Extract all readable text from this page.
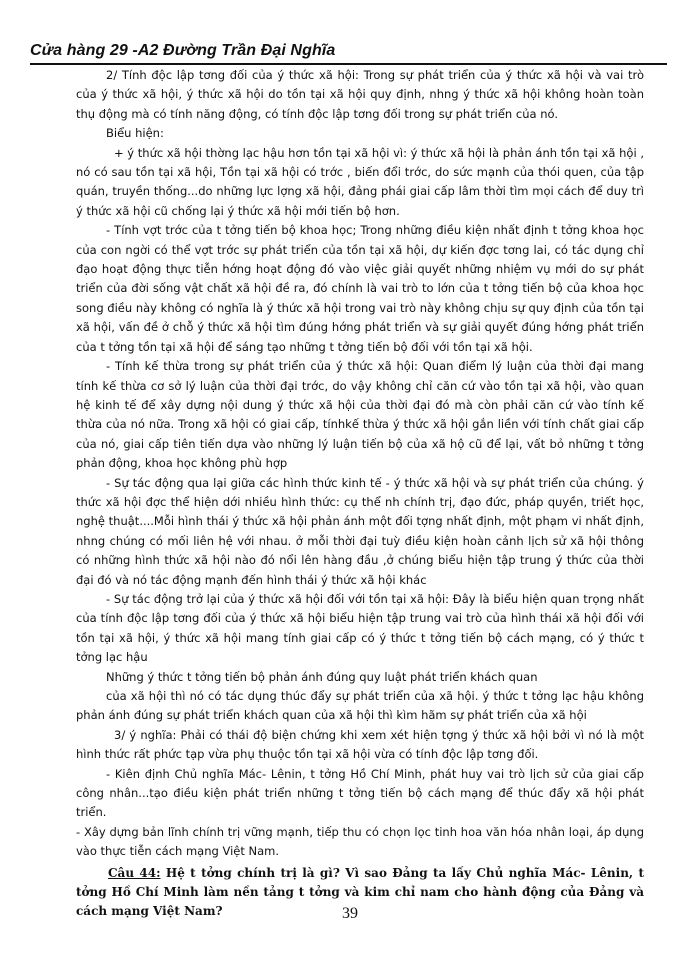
Cửa hàng 29 -A2 Đường Trần Đại Nghĩa

2/ Tính độc lập tơng đối của ý thức xã hội: Trong sự phát triển của ý thức xã hội và vai trò của ý thức xã hội, ý thức xã hội do tồn tại xã hội quy định, nhng ý thức xã hội không hoàn toàn thụ động mà có tính năng động, có tính độc lập tơng đối trong sự phát triển của nó.

Biểu hiện:

+ ý thức xã hội thờng lạc hậu hơn tồn tại xã hội vì: ý thức xã hội là phản ánh tồn tại xã hội , nó có sau tồn tại xã hội, Tồn tại xã hội có trớc , biến đổi trớc, do sức mạnh của thói quen, của tập quán, truyền thống...do những lực lợng xã hội, đảng phái giai cấp lâm thời tìm mọi cách để duy trì ý thức xã hội cũ chống lại ý thức xã hội mới tiến bộ hơn.

- Tính vợt trớc của t tởng tiến bộ khoa học; Trong những điều kiện nhất định t tởng khoa học của con ngời có thể vợt trớc sự phát triển của tồn tại xã hội, dự kiến đợc tơng lai, có tác dụng chỉ đạo hoạt động thực tiễn hớng hoạt động đó vào việc giải quyết những nhiệm vụ mới do sự phát triển của đời sống vật chất xã hội đề ra, đó chính là vai trò to lớn của t tởng tiến bộ của khoa học song điều này không có nghĩa là ý thức xã hội trong vai trò này không chịu sự quy định của tồn tại xã hội, vấn đề ở chỗ ý thức xã hội tìm đúng hớng phát triển và sự giải quyết đúng hớng phát triển của t tởng tồn tại xã hội để sáng tạo những t tởng tiến bộ đối với tồn tại xã hội.

- Tính kế thừa trong sự phát triển của ý thức xã hội: Quan điểm lý luận của thời đại mang tính kế thừa cơ sở lý luận của thời đại trớc, do vậy không chỉ căn cứ vào tồn tại xã hội, vào quan hệ kinh tế để xây dựng nội dung ý thức xã hội của thời đại đó mà còn phải căn cứ vào tính kế thừa của nó nữa. Trong xã hội có giai cấp, tínhkế thừa ý thức xã hội gắn liền với tính chất giai cấp của nó, giai cấp tiên tiến dựa vào những lý luận tiến bộ của xã hộ cũ để lại, vất bỏ những t tởng phản động, khoa học không phù hợp

- Sự tác động qua lại giữa các hình thức kinh tế - ý thức xã hội và sự phát triển của chúng. ý thức xã hội đợc thể hiện dới nhiều hình thức: cụ thể nh chính trị, đạo đức, pháp quyền, triết học, nghệ thuật....Mỗi hình thái ý thức xã hội phản ánh một đối tợng nhất định, một phạm vi nhất định, nhng chúng có mối liên hệ với nhau. ở mỗi thời đại tuỳ điều kiện hoàn cảnh lịch sử xã hội thông có những hình thức xã hội nào đó nổi lên hàng đầu ,ở chúng biểu hiện tập trung ý thức của thời đại đó và nó tác động mạnh đến hình thái ý thức xã hội khác

- Sự tác động trở lại của ý thức xã hội đối với tồn tại xã hội: Đây là biểu hiện quan trọng nhất của tính độc lập tơng đối của ý thức xã hội biểu hiện tập trung vai trò của hình thái xã hội đối với tồn tại xã hội, ý thức xã hội mang tính giai cấp có ý thức t tởng tiến bộ cách mạng, có ý thức t tởng lạc hậu

Những ý thức t tởng tiến bộ phản ánh đúng quy luật phát triển khách quan

của xã hội thì nó có tác dụng thúc đẩy sự phát triển của xã hội. ý thức t tởng lạc hậu không phản ánh đúng sự phát triển khách quan của xã hội thì kìm hãm sự phát triển của xã hội

3/ ý nghĩa: Phải có thái độ biện chứng khi xem xét hiện tợng ý thức xã hội bởi vì nó là một hình thức rất phức tạp vừa phụ thuộc tồn tại xã hội vừa có tính độc lập tơng đối.

- Kiên định Chủ nghĩa Mác- Lênin, t tởng Hồ Chí Minh, phát huy vai trò lịch sử của giai cấp công nhân...tạo điều kiện phát triển những t tởng tiến bộ cách mạng để thúc đẩy xã hội phát triển.

- Xây dựng bản lĩnh chính trị vững mạnh, tiếp thu có chọn lọc tinh hoa văn hóa nhân loại, áp dụng vào thực tiễn cách mạng Việt Nam.

Câu 44: Hệ t tởng chính trị là gì? Vì sao Đảng ta lấy Chủ nghĩa Mác- Lênin, t tởng Hồ Chí Minh làm nền tảng t tởng và kim chỉ nam cho hành động của Đảng và cách mạng Việt Nam?	39
